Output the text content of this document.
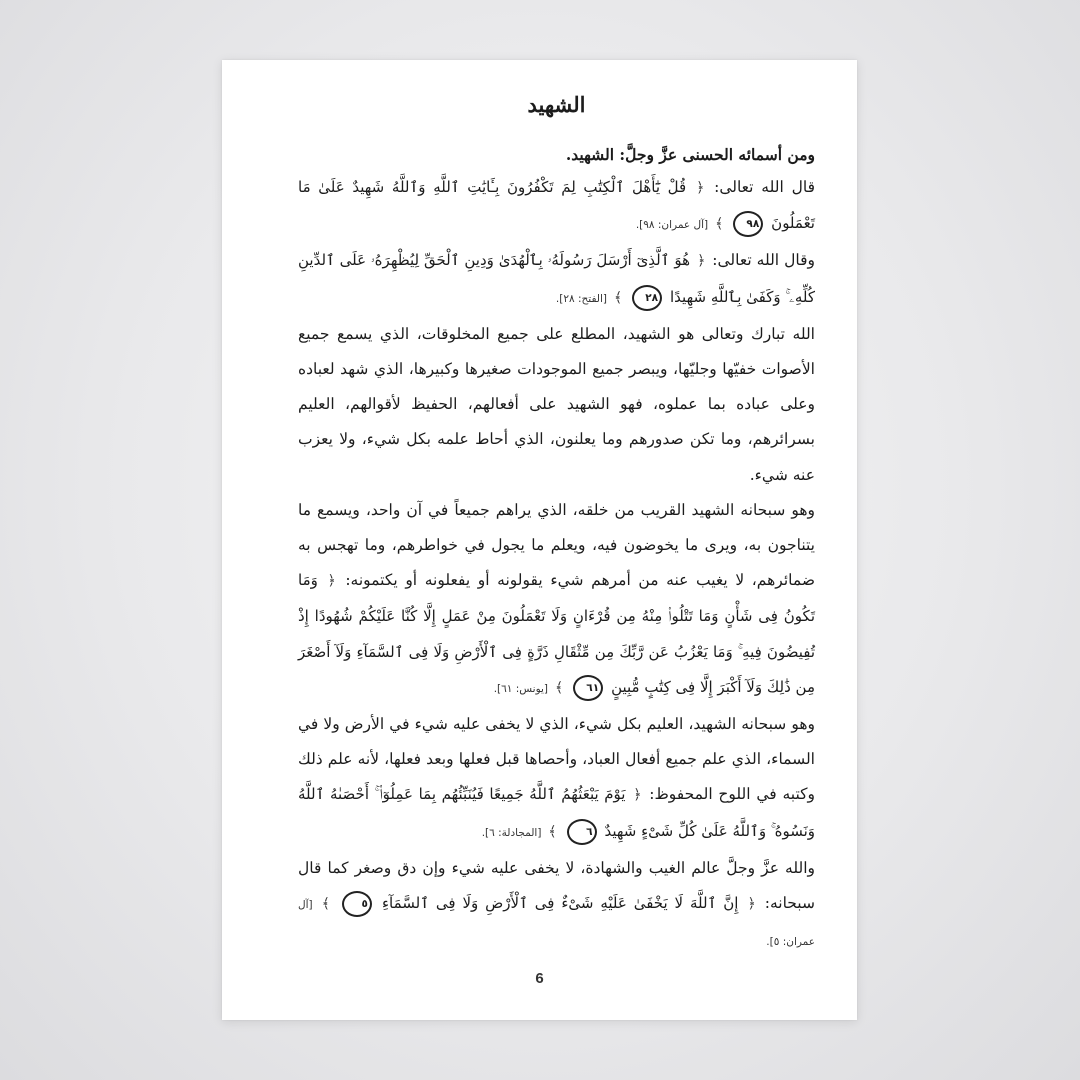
الشهيد

ومن أسمائه الحسنى عزَّ وجلَّ: الشهيد.

قال الله تعالى: ﴿ قُلْ يَٰٓأَهْلَ ٱلْكِتَٰبِ لِمَ تَكْفُرُونَ بِـَٔايَٰتِ ٱللَّهِ وَٱللَّهُ شَهِيدٌ عَلَىٰ مَا تَعْمَلُونَ ٩٨ ﴾ [آل عمران: ٩٨].

وقال الله تعالى: ﴿ هُوَ ٱلَّذِىٓ أَرْسَلَ رَسُولَهُۥ بِٱلْهُدَىٰ وَدِينِ ٱلْحَقِّ لِيُظْهِرَهُۥ عَلَى ٱلدِّينِ كُلِّهِۦ ۚ وَكَفَىٰ بِٱللَّهِ شَهِيدًا ٢٨ ﴾ [الفتح: ٢٨].

الله تبارك وتعالى هو الشهيد، المطلع على جميع المخلوقات، الذي يسمع جميع الأصوات خفيّها وجليّها، ويبصر جميع الموجودات صغيرها وكبيرها، الذي شهد لعباده وعلى عباده بما عملوه، فهو الشهيد على أفعالهم، الحفيظ لأقوالهم، العليم بسرائرهم، وما تكن صدورهم وما يعلنون، الذي أحاط علمه بكل شيء، ولا يعزب عنه شيء.

وهو سبحانه الشهيد القريب من خلقه، الذي يراهم جميعاً في آن واحد، ويسمع ما يتناجون به، ويرى ما يخوضون فيه، ويعلم ما يجول في خواطرهم، وما تهجس به ضمائرهم، لا يغيب عنه من أمرهم شيء يقولونه أو يفعلونه أو يكتمونه: ﴿ وَمَا تَكُونُ فِى شَأْنٍ وَمَا تَتْلُوا۟ مِنْهُ مِن قُرْءَانٍ وَلَا تَعْمَلُونَ مِنْ عَمَلٍ إِلَّا كُنَّا عَلَيْكُمْ شُهُودًا إِذْ تُفِيضُونَ فِيهِ ۚ وَمَا يَعْزُبُ عَن رَّبِّكَ مِن مِّثْقَالِ ذَرَّةٍ فِى ٱلْأَرْضِ وَلَا فِى ٱلسَّمَآءِ وَلَآ أَصْغَرَ مِن ذَٰلِكَ وَلَآ أَكْبَرَ إِلَّا فِى كِتَٰبٍ مُّبِينٍ ٦١ ﴾ [يونس: ٦١].

وهو سبحانه الشهيد، العليم بكل شيء، الذي لا يخفى عليه شيء في الأرض ولا في السماء، الذي علم جميع أفعال العباد، وأحصاها قبل فعلها وبعد فعلها، لأنه علم ذلك وكتبه في اللوح المحفوظ: ﴿ يَوْمَ يَبْعَثُهُمُ ٱللَّهُ جَمِيعًا فَيُنَبِّئُهُم بِمَا عَمِلُوٓا۟ ۚ أَحْصَىٰهُ ٱللَّهُ وَنَسُوهُ ۚ وَٱللَّهُ عَلَىٰ كُلِّ شَىْءٍ شَهِيدٌ ٦ ﴾ [المجادلة: ٦].

والله عزَّ وجلَّ عالم الغيب والشهادة، لا يخفى عليه شيء وإن دق وصغر كما قال سبحانه: ﴿ إِنَّ ٱللَّهَ لَا يَخْفَىٰ عَلَيْهِ شَىْءٌ فِى ٱلْأَرْضِ وَلَا فِى ٱلسَّمَآءِ ٥ ﴾ [آل عمران: ٥].

6
